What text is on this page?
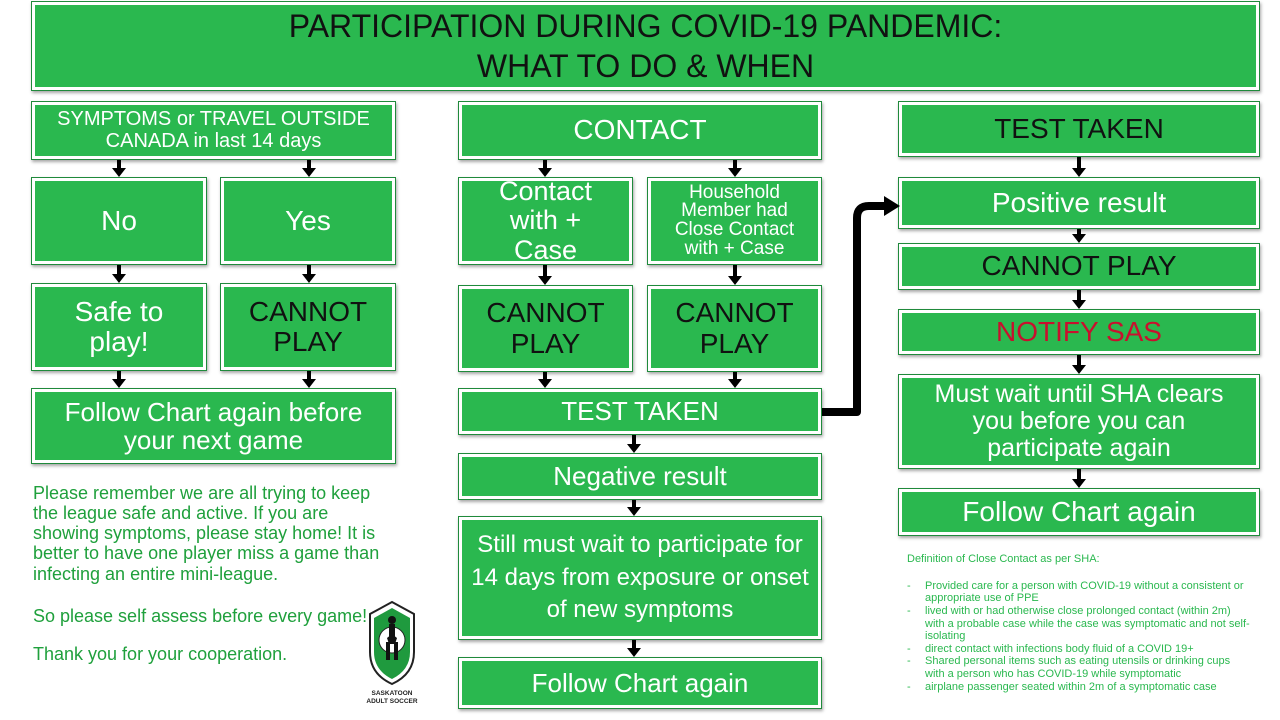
PARTICIPATION DURING COVID-19 PANDEMIC:
WHAT TO DO & WHEN
SYMPTOMS or TRAVEL OUTSIDE CANADA in last 14 days
No	Yes
Safe to play!
CANNOT PLAY
Follow Chart again before your next game
CONTACT
Contact with + Case
Household Member had Close Contact with + Case
CANNOT PLAY
CANNOT PLAY
TEST TAKEN
Negative result
Still must wait to participate for 14 days from exposure or onset of new symptoms
Follow Chart again
TEST TAKEN
Positive result
CANNOT PLAY
NOTIFY SAS
Must wait until SHA clears you before you can participate again
Follow Chart again

Please remember we are all trying to keep the league safe and active. If you are showing symptoms, please stay home! It is better to have one player miss a game than infecting an entire mini-league.

So please self assess before every game!

Thank you for your cooperation.

SASKATOON
ADULT SOCCER
Definition of Close Contact as per SHA:
- Provided care for a person with COVID-19 without a consistent or appropriate use of PPE
- lived with or had otherwise close prolonged contact (within 2m) with a probable case while the case was symptomatic and not self-isolating
- direct contact with infections body fluid of a COVID 19+
- Shared personal items such as eating utensils or drinking cups with a person who has COVID-19 while symptomatic
- airplane passenger seated within 2m of a symptomatic case
